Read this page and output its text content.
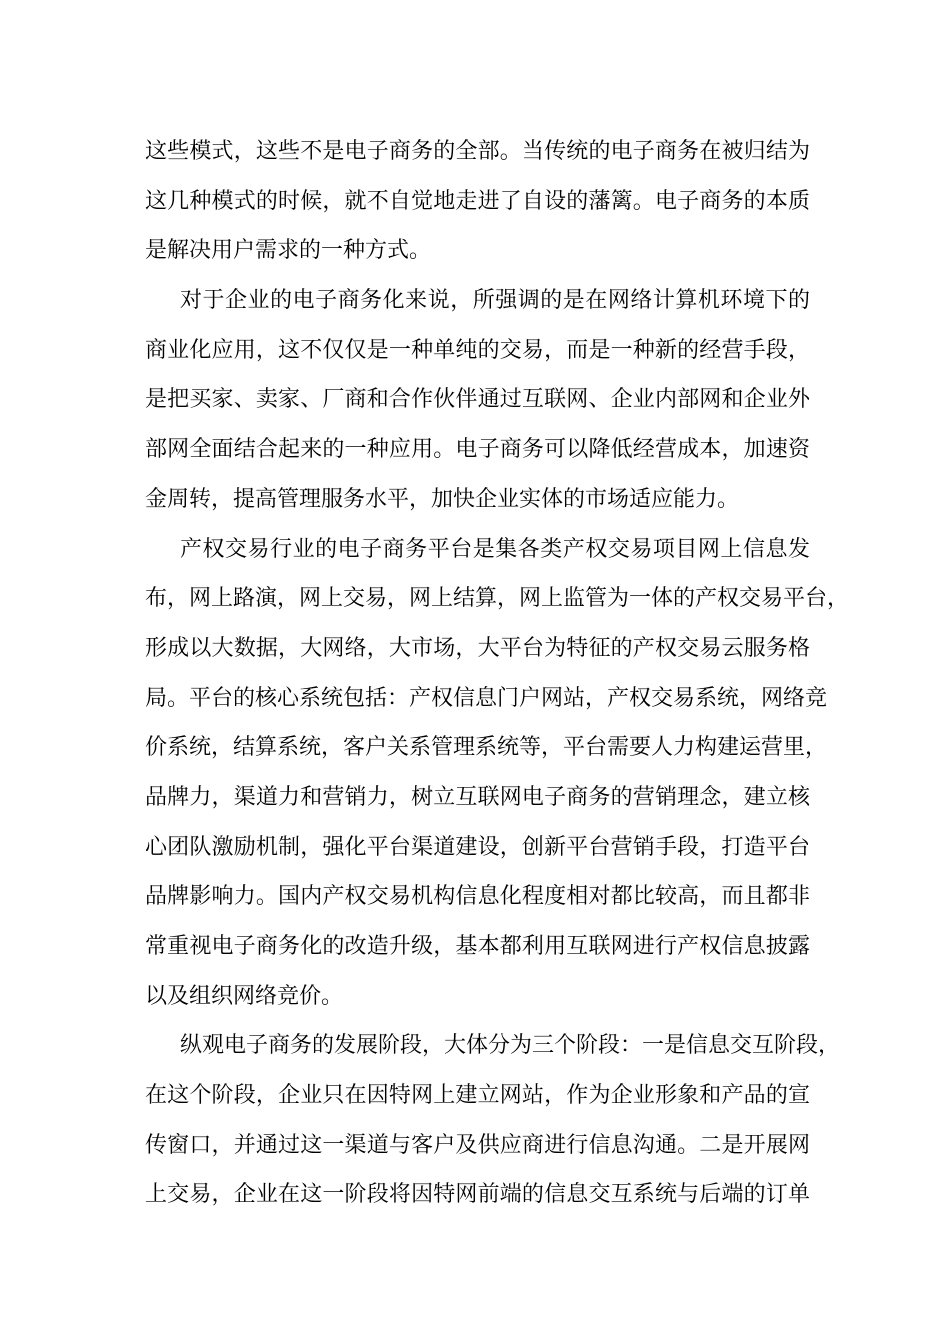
这些模式，这些不是电子商务的全部。当传统的电子商务在被归结为
这几种模式的时候，就不自觉地走进了自设的藩篱。电子商务的本质
是解决用户需求的一种方式。
对于企业的电子商务化来说，所强调的是在网络计算机环境下的
商业化应用，这不仅仅是一种单纯的交易，而是一种新的经营手段，
是把买家、卖家、厂商和合作伙伴通过互联网、企业内部网和企业外
部网全面结合起来的一种应用。电子商务可以降低经营成本，加速资
金周转，提高管理服务水平，加快企业实体的市场适应能力。
产权交易行业的电子商务平台是集各类产权交易项目网上信息发
布，网上路演，网上交易，网上结算，网上监管为一体的产权交易平台，
形成以大数据，大网络，大市场，大平台为特征的产权交易云服务格
局。平台的核心系统包括：产权信息门户网站，产权交易系统，网络竞
价系统，结算系统，客户关系管理系统等，平台需要人力构建运营里，
品牌力，渠道力和营销力，树立互联网电子商务的营销理念，建立核
心团队激励机制，强化平台渠道建设，创新平台营销手段，打造平台
品牌影响力。国内产权交易机构信息化程度相对都比较高，而且都非
常重视电子商务化的改造升级，基本都利用互联网进行产权信息披露
以及组织网络竞价。
纵观电子商务的发展阶段，大体分为三个阶段：一是信息交互阶段，
在这个阶段，企业只在因特网上建立网站，作为企业形象和产品的宣
传窗口，并通过这一渠道与客户及供应商进行信息沟通。二是开展网
上交易，企业在这一阶段将因特网前端的信息交互系统与后端的订单
